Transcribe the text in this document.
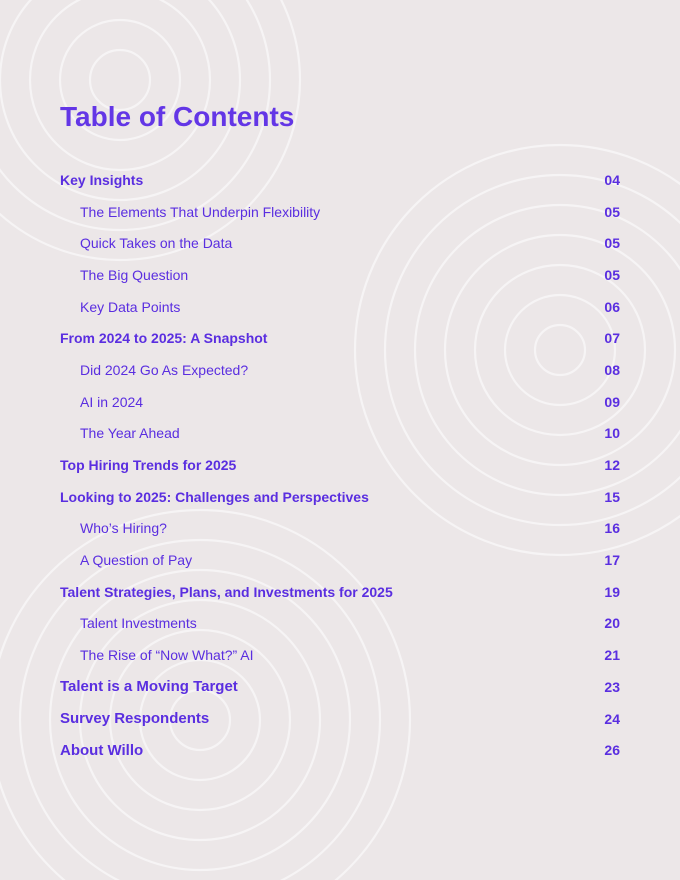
Table of Contents
Key Insights	04
The Elements That Underpin Flexibility	05
Quick Takes on the Data	05
The Big Question	05
Key Data Points	06
From 2024 to 2025: A Snapshot	07
Did 2024 Go As Expected?	08
AI in 2024	09
The Year Ahead	10
Top Hiring Trends for 2025	12
Looking to 2025: Challenges and Perspectives	15
Who’s Hiring?	16
A Question of Pay	17
Talent Strategies, Plans, and Investments for 2025	19
Talent Investments	20
The Rise of “Now What?” AI	21
Talent is a Moving Target	23
Survey Respondents	24
About Willo	26
